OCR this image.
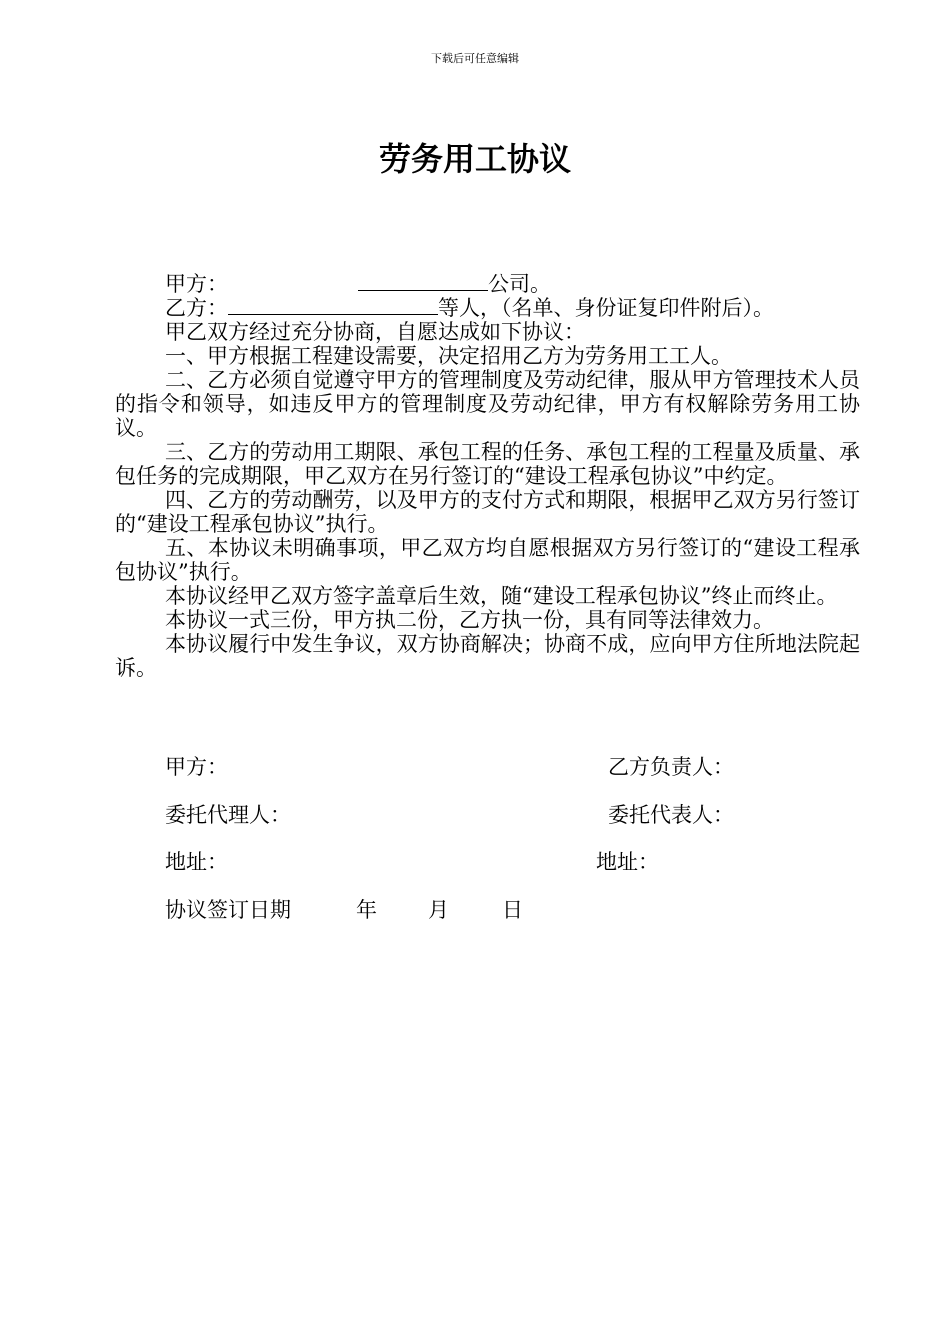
下载后可任意编辑
劳务用工协议
甲方：	公司。
乙方：	等人，（名单、身份证复印件附后）。
甲乙双方经过充分协商，自愿达成如下协议：
一、甲方根据工程建设需要，决定招用乙方为劳务用工工人。
二、乙方必须自觉遵守甲方的管理制度及劳动纪律，服从甲方管理技术人员的指令和领导，如违反甲方的管理制度及劳动纪律，甲方有权解除劳务用工协议。
三、乙方的劳动用工期限、承包工程的任务、承包工程的工程量及质量、承包任务的完成期限，甲乙双方在另行签订的“建设工程承包协议”中约定。
四、乙方的劳动酬劳，以及甲方的支付方式和期限，根据甲乙双方另行签订的“建设工程承包协议”执行。
五、本协议未明确事项，甲乙双方均自愿根据双方另行签订的“建设工程承包协议”执行。
本协议经甲乙双方签字盖章后生效，随“建设工程承包协议”终止而终止。
本协议一式三份，甲方执二份，乙方执一份，具有同等法律效力。
本协议履行中发生争议，双方协商解决；协商不成，应向甲方住所地法院起诉。
甲方：	乙方负责人：
委托代理人：	委托代表人：
地址：	地址：
协议签订日期	年 月	日
